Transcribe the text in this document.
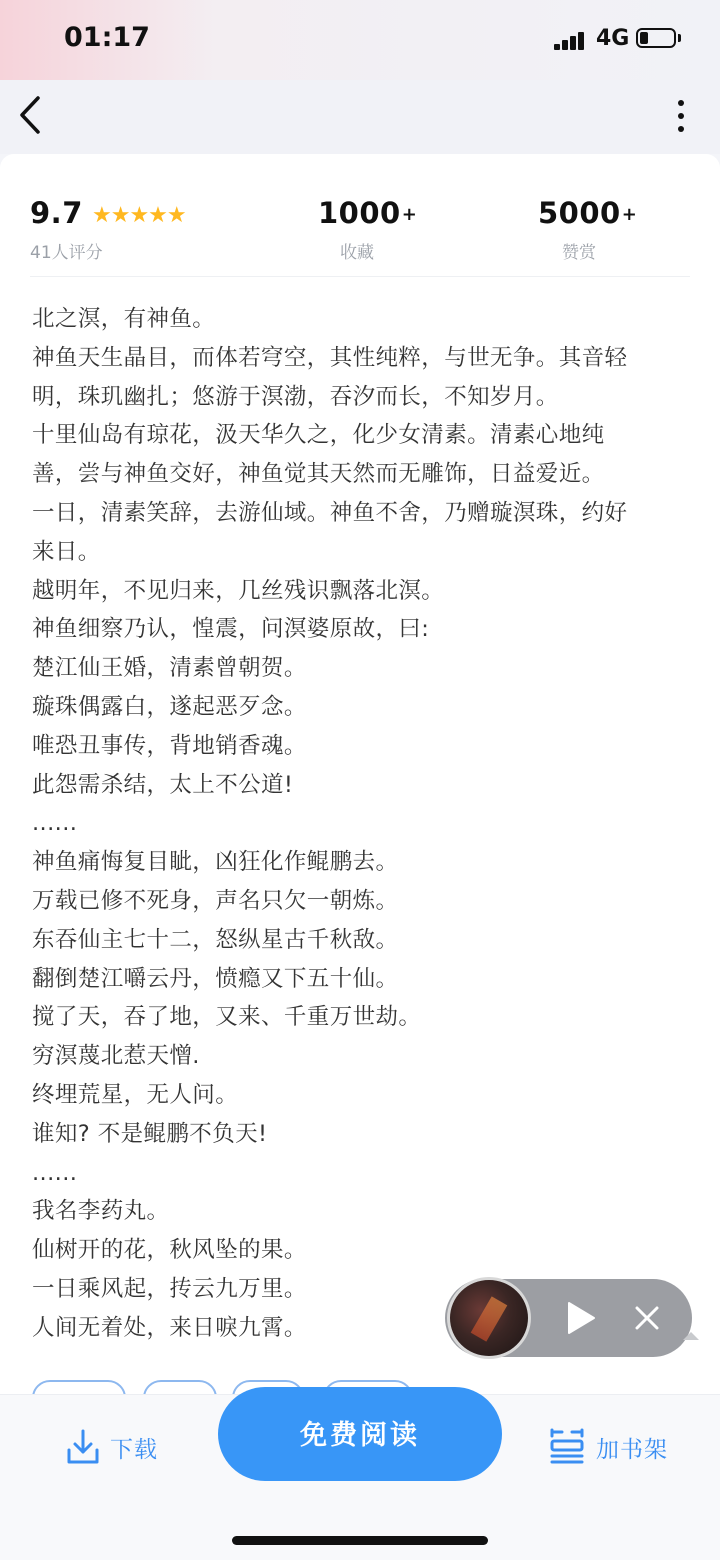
01:17	4G
9.7 ★★★★★
41人评分
1000+
收藏
5000+
赞赏
北之溟，有神鱼。
神鱼天生晶目，而体若穹空，其性纯粹，与世无争。其音轻
明，珠玑幽扎；悠游于溟渤，吞汐而长，不知岁月。
十里仙岛有琼花，汲天华久之，化少女清素。清素心地纯
善，尝与神鱼交好，神鱼觉其天然而无雕饰，日益爱近。
一日，清素笑辞，去游仙域。神鱼不舍，乃赠璇溟珠，约好
来日。
越明年，不见归来，几丝残识飘落北溟。
神鱼细察乃认，惶震，问溟婆原故，曰:
楚江仙王婚，清素曾朝贺。
璇珠偶露白，遂起恶歹念。
唯恐丑事传，背地销香魂。
此怨需杀结，太上不公道!
......
神鱼痛悔复目眦，凶狂化作鲲鹏去。
万载已修不死身，声名只欠一朝炼。
东吞仙主七十二，怒纵星古千秋敌。
翻倒楚江嚼云丹，愤瘾又下五十仙。
搅了天，吞了地，又来、千重万世劫。
穷溟蔑北惹天憎.
终埋荒星，无人问。
谁知? 不是鲲鹏不负天!
......
我名李药丸。
仙树开的花，秋风坠的果。
一日乘风起，抟云九万里。
人间无着处，来日唳九霄。
下载	免费阅读	加书架
